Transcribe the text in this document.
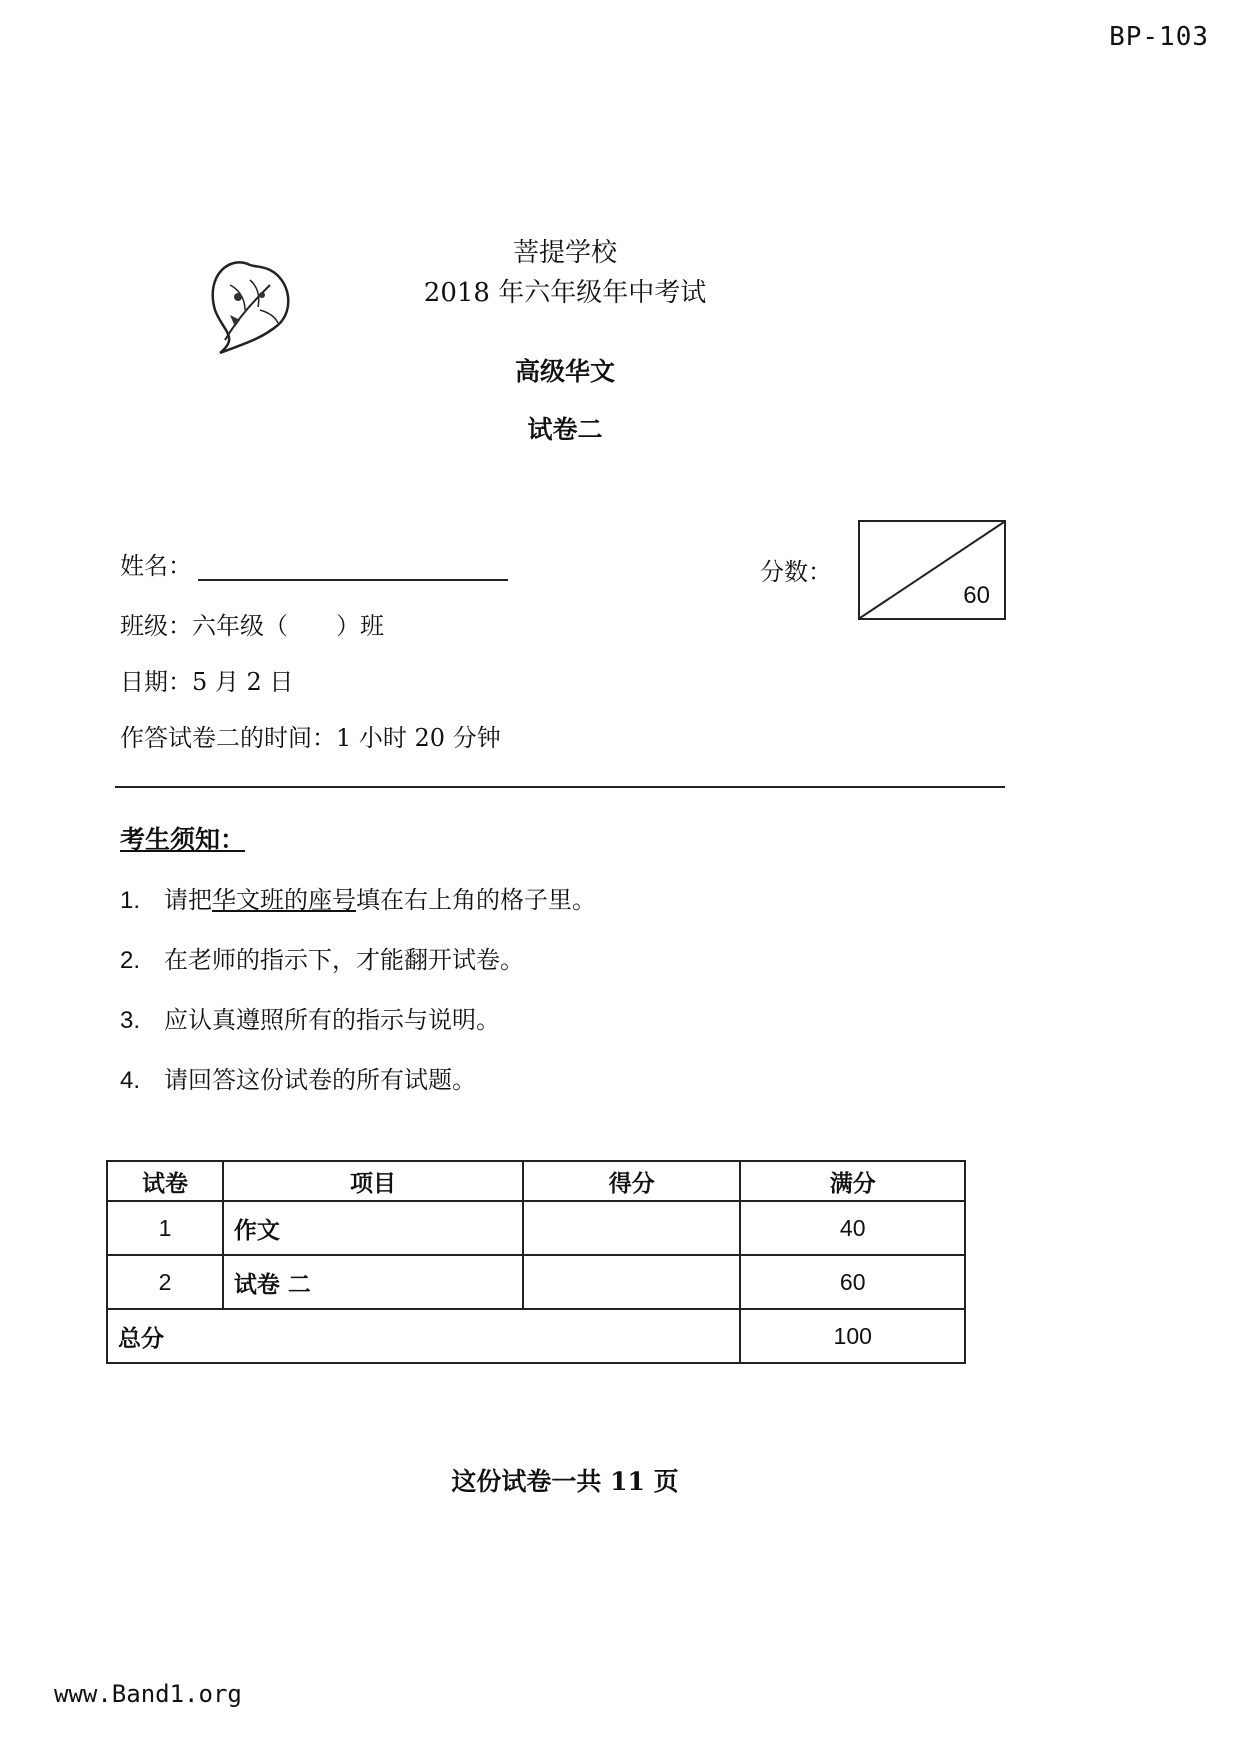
BP-103
菩提学校
2018 年六年级年中考试
高级华文
试卷二
姓名：
班级：六年级（　　）班
日期：5 月 2 日
作答试卷二的时间：1 小时 20 分钟
分数：
60
考生须知：
1. 请把华文班的座号填在右上角的格子里。
2. 在老师的指示下，才能翻开试卷。
3. 应认真遵照所有的指示与说明。
4. 请回答这份试卷的所有试题。
试卷	项目	得分	满分
1	作文		40
2	试卷 二		60
总分			100
这份试卷一共 11 页
www.Band1.org
